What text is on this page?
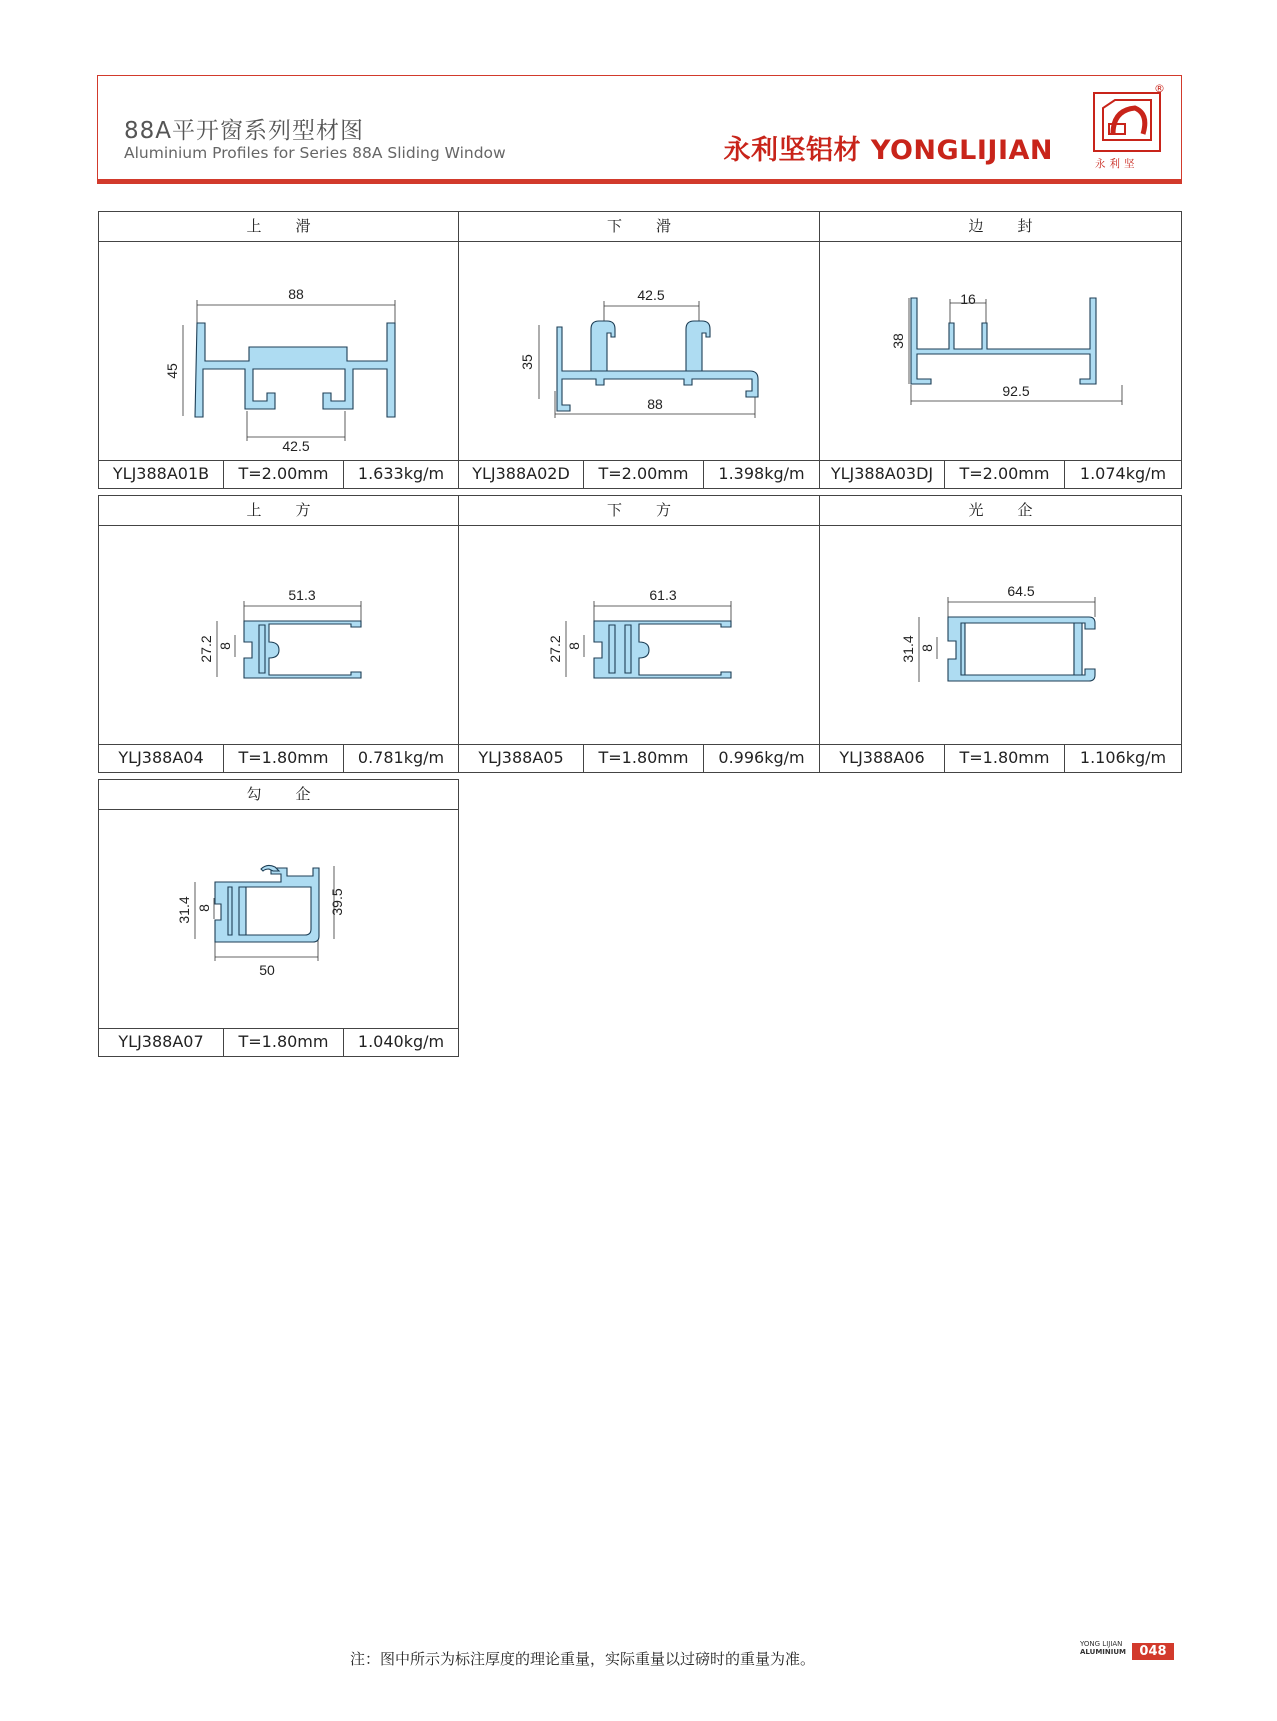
88A平开窗系列型材图
Aluminium Profiles for Series 88A Sliding Window	永利坚铝材 YONGLIJIAN
®
永利坚
上滑
88
45
42.5
YLJ388A01B	T=2.00mm	1.633kg/m
下滑
42.5
35
88
YLJ388A02D	T=2.00mm	1.398kg/m
边封
16
38
92.5
YLJ388A03DJ	T=2.00mm	1.074kg/m
上方
51.3
27.2 8
YLJ388A04	T=1.80mm	0.781kg/m
下方
61.3
27.2 8
YLJ388A05	T=1.80mm	0.996kg/m
光企
64.5
31.4 8
YLJ388A06	T=1.80mm	1.106kg/m
勾企
31.4 8	39.5
50
YLJ388A07	T=1.80mm	1.040kg/m
注：图中所示为标注厚度的理论重量，实际重量以过磅时的重量为准。
YONG LIJIAN
ALUMINIUM	048
